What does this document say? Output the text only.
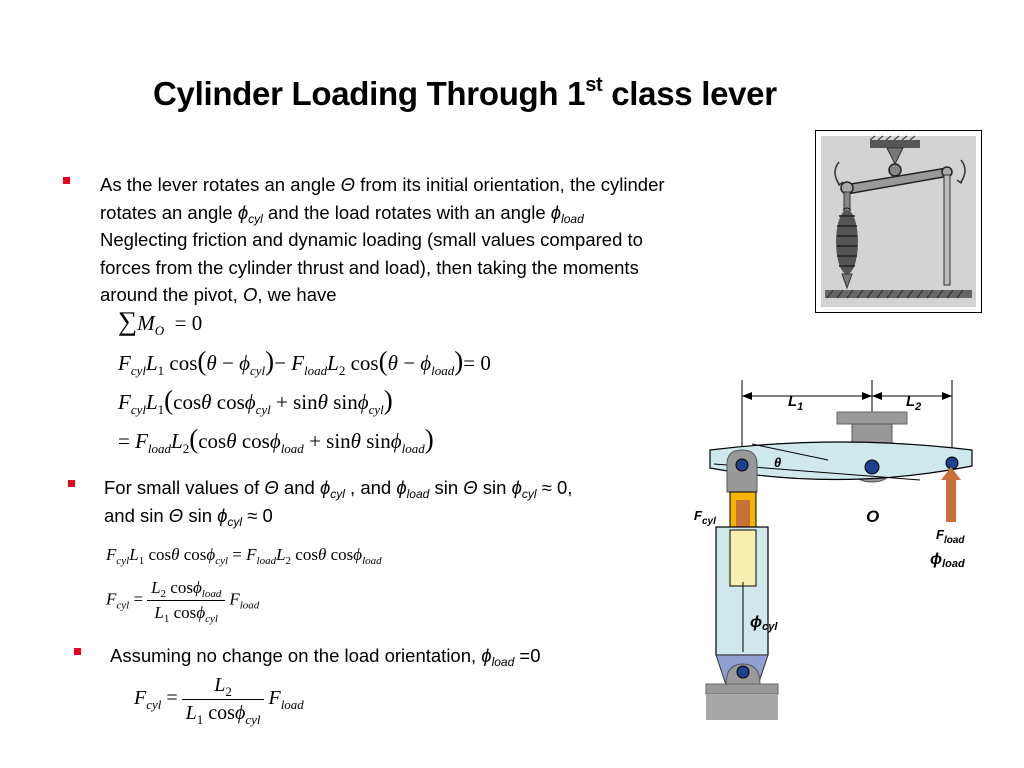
Cylinder Loading Through 1st class lever
As the lever rotates an angle Θ from its initial orientation, the cylinder
rotates an angle $\phi_{cyl}$ and the load rotates with an angle $\phi_{load}$
Neglecting friction and dynamic loading (small values compared to
forces from the cylinder thrust and load), then taking the moments
around the pivot, O, we have
$\sum M_O = 0$
$F_{cyl}L_1$ $\cos(\theta - \phi_{cyl})- F_{load}L_2$ $\cos(\theta - \phi_{load})= 0$
$F_{cyl}L_1(\cos\theta$ cosϕ$_{cyl}$ + sinθ sinϕ$_{cyl}$)
= $F_{load}L_2(\cos\theta$ cosϕ$_{load}$ + sinθ sinϕ$_{load}$)
For small values of Θ and $\phi_{cyl}$ , and $\phi_{load}$ sin Θ $\sin \phi_{cyl} \approx 0$,
and sin Θ $\sin \phi_{cyl} \approx 0$
$F_{cyl}L_1$ cosθ $\cos\phi_{cyl} = F_{load}L_2$ cosθ cosϕ$_{load}$
$F_{cyl} = \frac{L_2 \cos\phi_{load}}{L_1 \cos\phi_{cyl}} F_{load}$
Assuming no change on the load orientation, $\phi_{load} =0$
$F_{cyl} = \frac{L_2}{L_1 \cos\phi_{cyl}} F_{load}$
$L_1$	$L_2$
θ
O
$F_{load}$
ϕload
$F_{cyl}$
ϕcyl
